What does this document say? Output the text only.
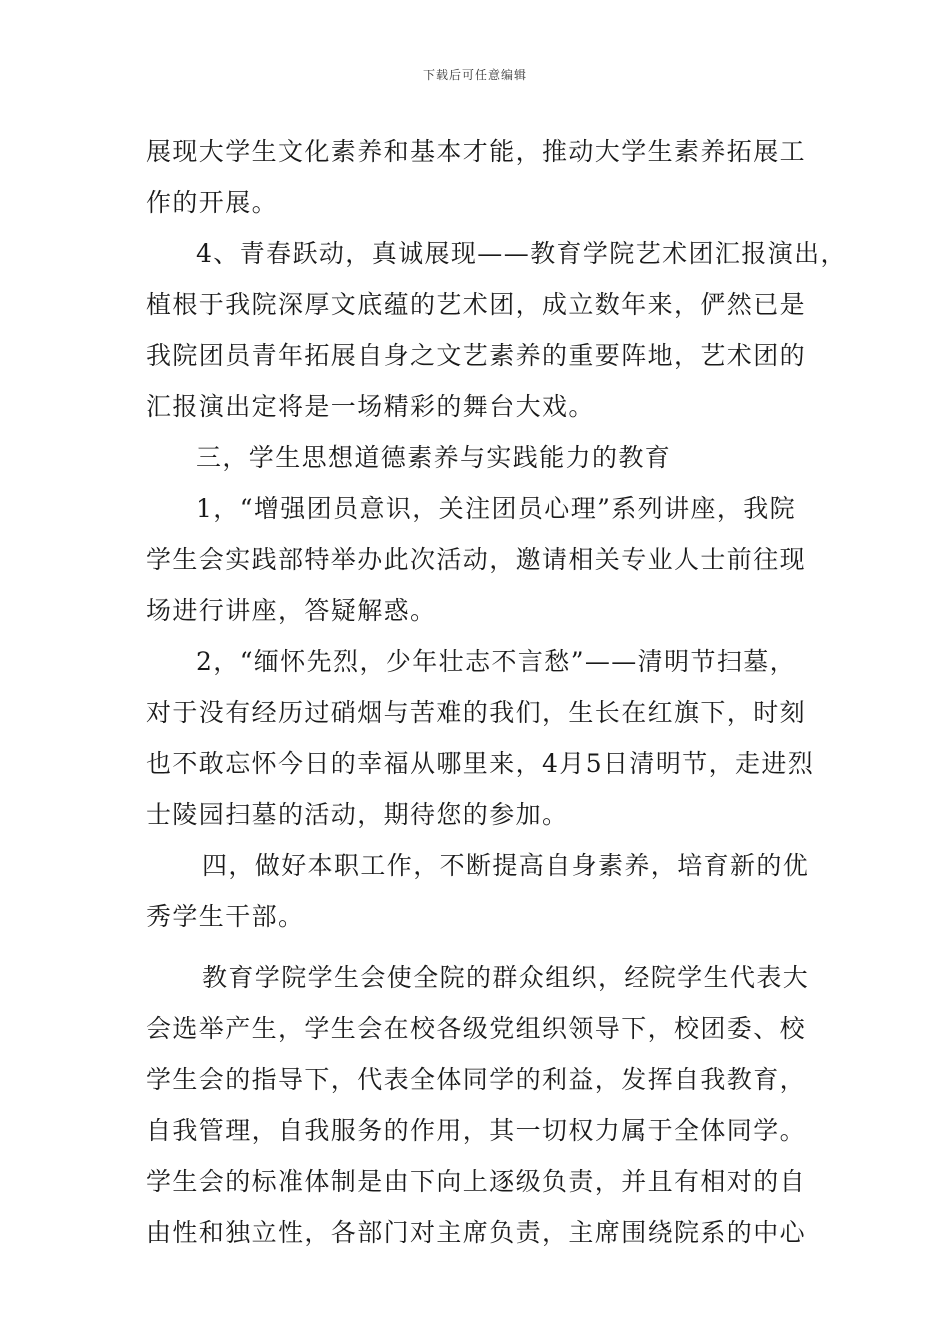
下载后可任意编辑
展现大学生文化素养和基本才能，推动大学生素养拓展工
作的开展。
4、青春跃动，真诚展现——教育学院艺术团汇报演出，
植根于我院深厚文底蕴的艺术团，成立数年来，俨然已是
我院团员青年拓展自身之文艺素养的重要阵地，艺术团的
汇报演出定将是一场精彩的舞台大戏。
三，学生思想道德素养与实践能力的教育
1，“增强团员意识，关注团员心理”系列讲座，我院
学生会实践部特举办此次活动，邀请相关专业人士前往现
场进行讲座，答疑解惑。
2，“缅怀先烈，少年壮志不言愁”——清明节扫墓，
对于没有经历过硝烟与苦难的我们，生长在红旗下，时刻
也不敢忘怀今日的幸福从哪里来，4月5日清明节，走进烈
士陵园扫墓的活动，期待您的参加。
四，做好本职工作，不断提高自身素养，培育新的优
秀学生干部。
教育学院学生会使全院的群众组织，经院学生代表大
会选举产生，学生会在校各级党组织领导下，校团委、校
学生会的指导下，代表全体同学的利益，发挥自我教育，
自我管理，自我服务的作用，其一切权力属于全体同学。
学生会的标准体制是由下向上逐级负责，并且有相对的自
由性和独立性，各部门对主席负责，主席围绕院系的中心
